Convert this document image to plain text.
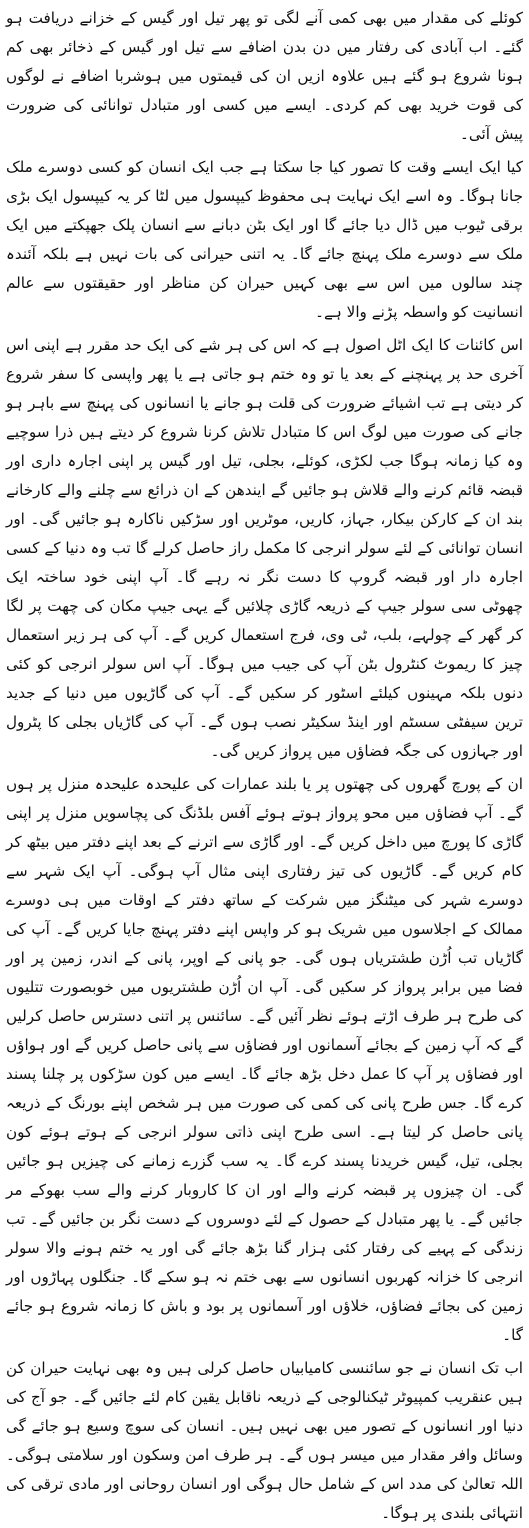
کوئلے کی مقدار میں بھی کمی آنے لگی تو پھر تیل اور گیس کے خزانے دریافت ہو گئے۔ اب آبادی کی رفتار میں دن بدن اضافے سے تیل اور گیس کے ذخائر بھی کم ہونا شروع ہو گئے ہیں علاوہ ازیں ان کی قیمتوں میں ہوشربا اضافے نے لوگوں کی قوت خرید بھی کم کردی۔ ایسے میں کسی اور متبادل توانائی کی ضرورت پیش آئی۔

کیا ایک ایسے وقت کا تصور کیا جا سکتا ہے جب ایک انسان کو کسی دوسرے ملک جانا ہوگا۔ وہ اسے ایک نہایت ہی محفوظ کیپسول میں لٹا کر یہ کیپسول ایک بڑی برقی ٹیوب میں ڈال دیا جائے گا اور ایک بٹن دبانے سے انسان پلک جھپکتے میں ایک ملک سے دوسرے ملک پہنچ جائے گا۔ یہ اتنی حیرانی کی بات نہیں ہے بلکہ آئندہ چند سالوں میں اس سے بھی کہیں حیران کن مناظر اور حقیقتوں سے عالم انسانیت کو واسطہ پڑنے والا ہے۔

اس کائنات کا ایک اٹل اصول ہے کہ اس کی ہر شے کی ایک حد مقرر ہے اپنی اس آخری حد پر پہنچنے کے بعد یا تو وہ ختم ہو جاتی ہے یا پھر واپسی کا سفر شروع کر دیتی ہے تب اشیائے ضرورت کی قلت ہو جانے یا انسانوں کی پہنچ سے باہر ہو جانے کی صورت میں لوگ اس کا متبادل تلاش کرنا شروع کر دیتے ہیں ذرا سوچیے وہ کیا زمانہ ہوگا جب لکڑی، کوئلے، بجلی، تیل اور گیس پر اپنی اجارہ داری اور قبضہ قائم کرنے والے قلاش ہو جائیں گے ایندھن کے ان ذرائع سے چلنے والے کارخانے بند ان کے کارکن بیکار، جہاز، کاریں، موٹریں اور سڑکیں ناکارہ ہو جائیں گی۔ اور انسان توانائی کے لئے سولر انرجی کا مکمل راز حاصل کرلے گا تب وہ دنیا کے کسی اجارہ دار اور قبضہ گروپ کا دست نگر نہ رہے گا۔ آپ اپنی خود ساختہ ایک چھوٹی سی سولر جیپ کے ذریعہ گاڑی چلائیں گے یہی جیپ مکان کی چھت پر لگا کر گھر کے چولہے، بلب، ٹی وی، فرج استعمال کریں گے۔ آپ کی ہر زیر استعمال چیز کا ریموٹ کنٹرول بٹن آپ کی جیب میں ہوگا۔ آپ اس سولر انرجی کو کئی دنوں بلکہ مہینوں کیلئے اسٹور کر سکیں گے۔ آپ کی گاڑیوں میں دنیا کے جدید ترین سیفٹی سسٹم اور اینڈ سکیٹر نصب ہوں گے۔ آپ کی گاڑیاں بجلی کا پٹرول اور جہازوں کی جگہ فضاؤں میں پرواز کریں گی۔

ان کے پورچ گھروں کی چھتوں پر یا بلند عمارات کی علیحدہ علیحدہ منزل پر ہوں گے۔ آپ فضاؤں میں محو پرواز ہوتے ہوئے آفس بلڈنگ کی پچاسویں منزل پر اپنی گاڑی کا پورچ میں داخل کریں گے۔ اور گاڑی سے اترنے کے بعد اپنے دفتر میں بیٹھ کر کام کریں گے۔ گاڑیوں کی تیز رفتاری اپنی مثال آپ ہوگی۔ آپ ایک شہر سے دوسرے شہر کی میٹنگز میں شرکت کے ساتھ دفتر کے اوقات میں ہی دوسرے ممالک کے اجلاسوں میں شریک ہو کر واپس اپنے دفتر پہنچ جایا کریں گے۔ آپ کی گاڑیاں تب اُڑن طشتریاں ہوں گی۔ جو پانی کے اوپر، پانی کے اندر، زمین پر اور فضا میں برابر پرواز کر سکیں گی۔ آپ ان اُڑن طشتریوں میں خوبصورت تتلیوں کی طرح ہر طرف اڑتے ہوئے نظر آئیں گے۔ سائنس پر اتنی دسترس حاصل کرلیں گے کہ آپ زمین کے بجائے آسمانوں اور فضاؤں سے پانی حاصل کریں گے اور ہواؤں اور فضاؤں پر آپ کا عمل دخل بڑھ جائے گا۔ ایسے میں کون سڑکوں پر چلنا پسند کرے گا۔ جس طرح پانی کی کمی کی صورت میں ہر شخص اپنے بورنگ کے ذریعہ پانی حاصل کر لیتا ہے۔ اسی طرح اپنی ذاتی سولر انرجی کے ہوتے ہوئے کون بجلی، تیل، گیس خریدنا پسند کرے گا۔ یہ سب گزرے زمانے کی چیزیں ہو جائیں گی۔ ان چیزوں پر قبضہ کرنے والے اور ان کا کاروبار کرنے والے سب بھوکے مر جائیں گے۔ یا پھر متبادل کے حصول کے لئے دوسروں کے دست نگر بن جائیں گے۔ تب زندگی کے پہیے کی رفتار کئی ہزار گنا بڑھ جائے گی اور یہ ختم ہونے والا سولر انرجی کا خزانہ کھربوں انسانوں سے بھی ختم نہ ہو سکے گا۔ جنگلوں پہاڑوں اور زمین کی بجائے فضاؤں، خلاؤں اور آسمانوں پر بود و باش کا زمانہ شروع ہو جائے گا۔

اب تک انسان نے جو سائنسی کامیابیاں حاصل کرلی ہیں وہ بھی نہایت حیران کن ہیں عنقریب کمپیوٹر ٹیکنالوجی کے ذریعہ ناقابل یقین کام لئے جائیں گے۔ جو آج کی دنیا اور انسانوں کے تصور میں بھی نہیں ہیں۔ انسان کی سوچ وسیع ہو جائے گی وسائل وافر مقدار میں میسر ہوں گے۔ ہر طرف امن وسکون اور سلامتی ہوگی۔ اللہ تعالیٰ کی مدد اس کے شامل حال ہوگی اور انسان روحانی اور مادی ترقی کی انتہائی بلندی پر ہوگا۔
